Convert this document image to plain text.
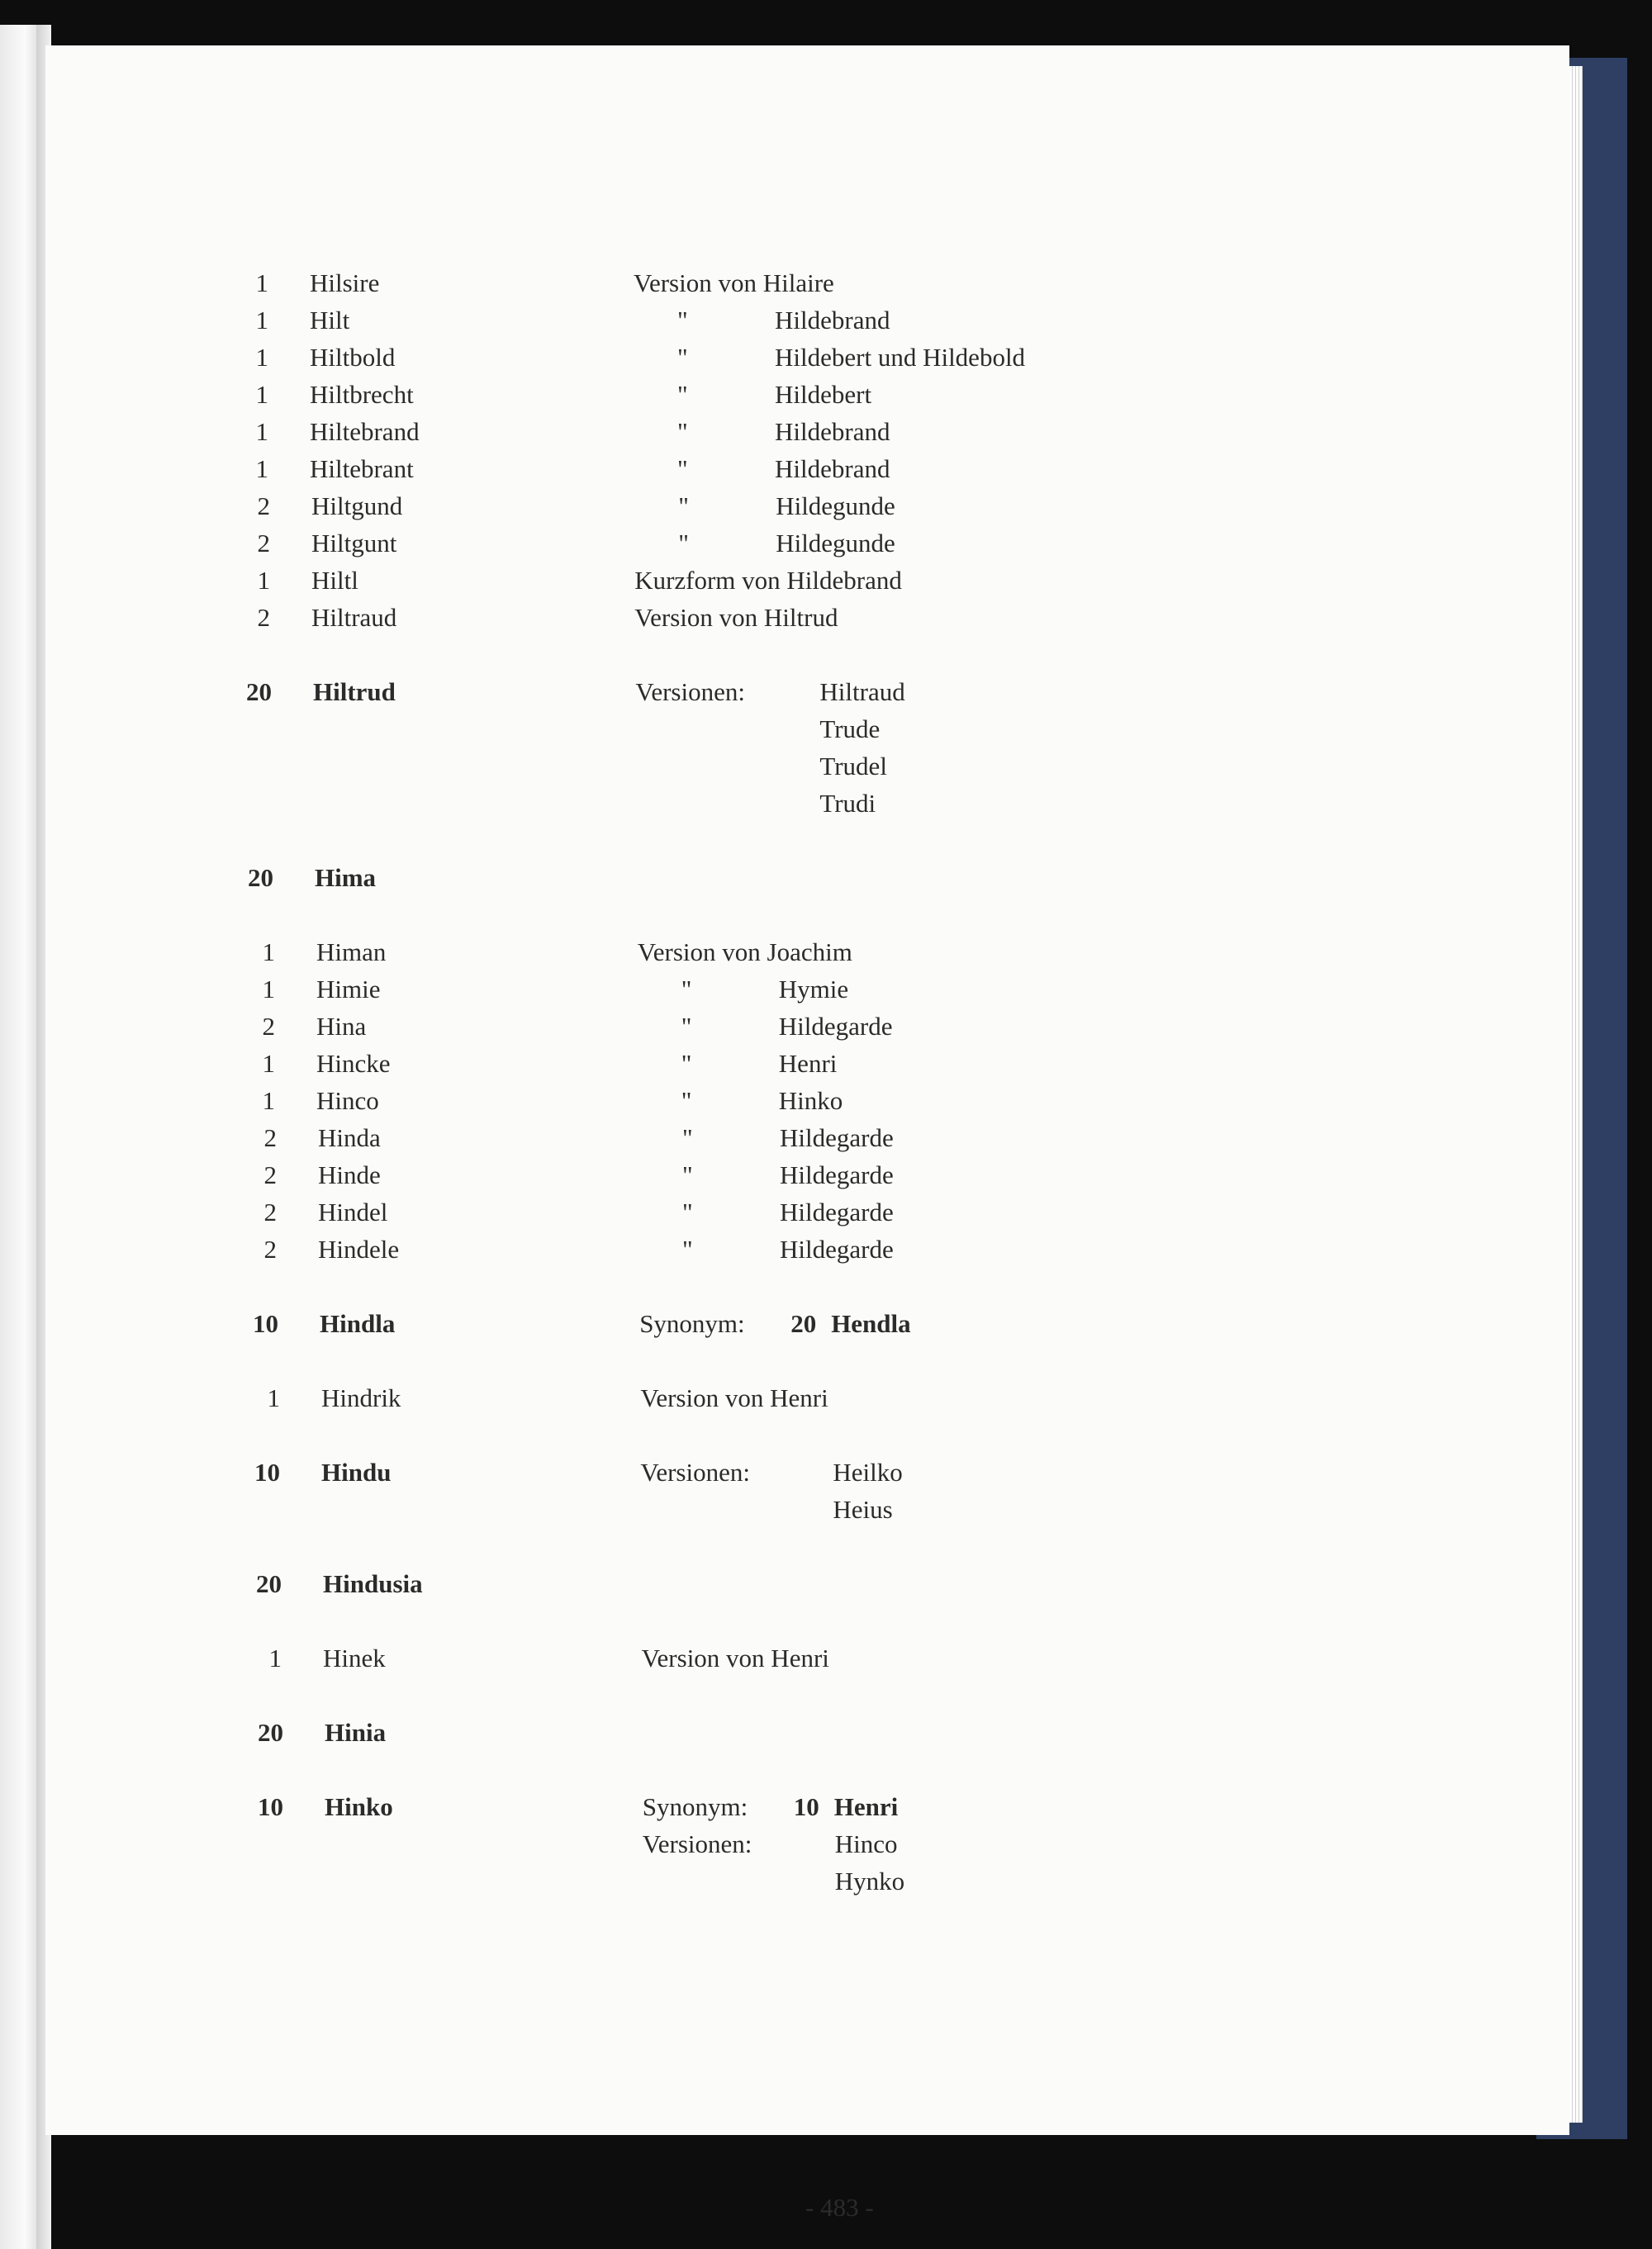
1 Hilsire	Version von Hilaire
1 Hilt	"	Hildebrand
1 Hiltbold	"	Hildebert und Hildebold
1 Hiltbrecht	"	Hildebert
1 Hiltebrand	"	Hildebrand
1 Hiltebrant	"	Hildebrand
2 Hiltgund	"	Hildegunde
2 Hiltgunt	"	Hildegunde
1 Hiltl	Kurzform von Hildebrand
2 Hiltraud	Version von Hiltrud
20 Hiltrud	Versionen:	Hiltraud
Trude
Trudel
Trudi
20 Hima
1 Himan	Version von Joachim
1 Himie	"	Hymie
2 Hina	"	Hildegarde
1 Hincke	"	Henri
1 Hinco	"	Hinko
2 Hinda	"	Hildegarde
2 Hinde	"	Hildegarde
2 Hindel	"	Hildegarde
2 Hindele	"	Hildegarde
10 Hindla	Synonym: 20 Hendla
1 Hindrik	Version von Henri
10 Hindu	Versionen:	Heilko
Heius
20 Hindusia
1 Hinek	Version von Henri
20 Hinia
10 Hinko	Synonym: 10 Henri
Versionen:	Hinco
Hynko
- 483 -
